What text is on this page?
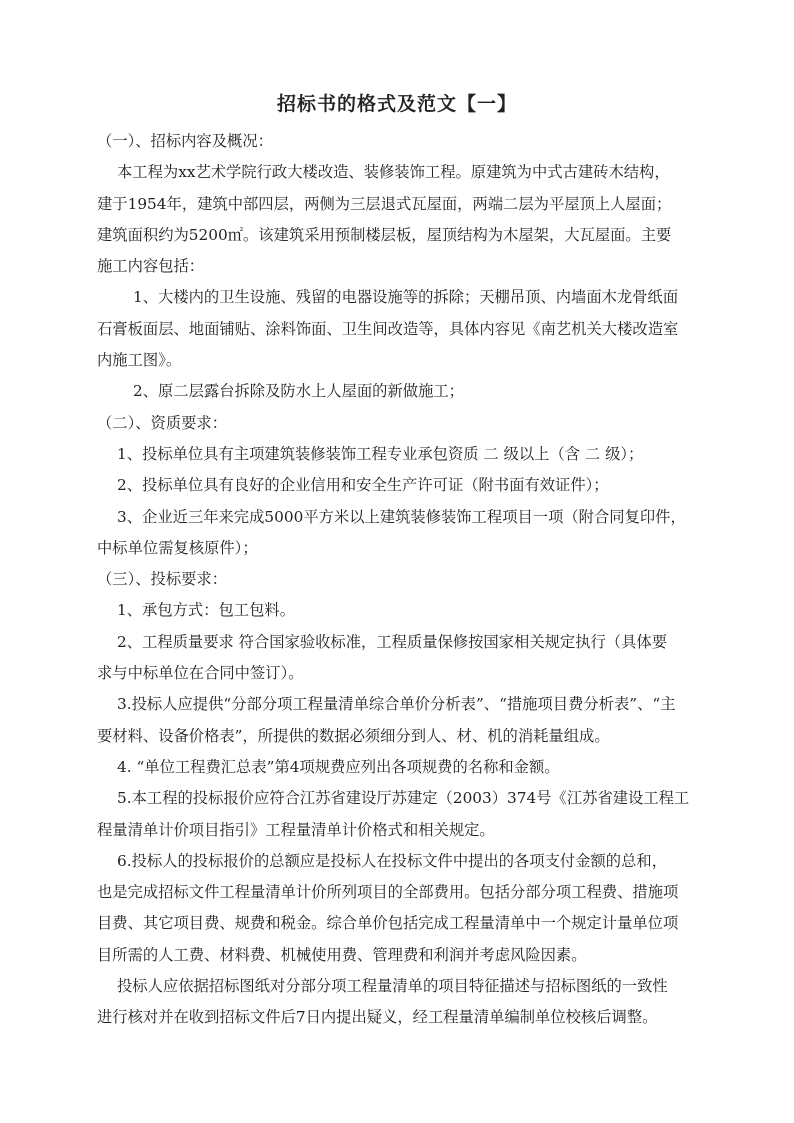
招标书的格式及范文【一】
（一）、招标内容及概况：
本工程为xx艺术学院行政大楼改造、装修装饰工程。原建筑为中式古建砖木结构，
建于1954年，建筑中部四层，两侧为三层退式瓦屋面，两端二层为平屋顶上人屋面；
建筑面积约为5200㎡。该建筑采用预制楼层板，屋顶结构为木屋架，大瓦屋面。主要
施工内容包括：
1、大楼内的卫生设施、残留的电器设施等的拆除；天棚吊顶、内墙面木龙骨纸面
石膏板面层、地面铺贴、涂料饰面、卫生间改造等，具体内容见《南艺机关大楼改造室
内施工图》。
2、原二层露台拆除及防水上人屋面的新做施工；
（二）、资质要求：
1、投标单位具有主项建筑装修装饰工程专业承包资质 二 级以上（含 二 级）；
2、投标单位具有良好的企业信用和安全生产许可证（附书面有效证件）；
3、企业近三年来完成5000平方米以上建筑装修装饰工程项目一项（附合同复印件，
中标单位需复核原件）；
（三）、投标要求：
1、承包方式：包工包料。
2、工程质量要求 符合国家验收标准，工程质量保修按国家相关规定执行（具体要
求与中标单位在合同中签订）。
3.投标人应提供“分部分项工程量清单综合单价分析表”、“措施项目费分析表”、“主
要材料、设备价格表”，所提供的数据必须细分到人、材、机的消耗量组成。
4. “单位工程费汇总表”第4项规费应列出各项规费的名称和金额。
5.本工程的投标报价应符合江苏省建设厅苏建定（2003）374号《江苏省建设工程工
程量清单计价项目指引》工程量清单计价格式和相关规定。
6.投标人的投标报价的总额应是投标人在投标文件中提出的各项支付金额的总和，
也是完成招标文件工程量清单计价所列项目的全部费用。包括分部分项工程费、措施项
目费、其它项目费、规费和税金。综合单价包括完成工程量清单中一个规定计量单位项
目所需的人工费、材料费、机械使用费、管理费和利润并考虑风险因素。
投标人应依据招标图纸对分部分项工程量清单的项目特征描述与招标图纸的一致性
进行核对并在收到招标文件后7日内提出疑义，经工程量清单编制单位校核后调整。
